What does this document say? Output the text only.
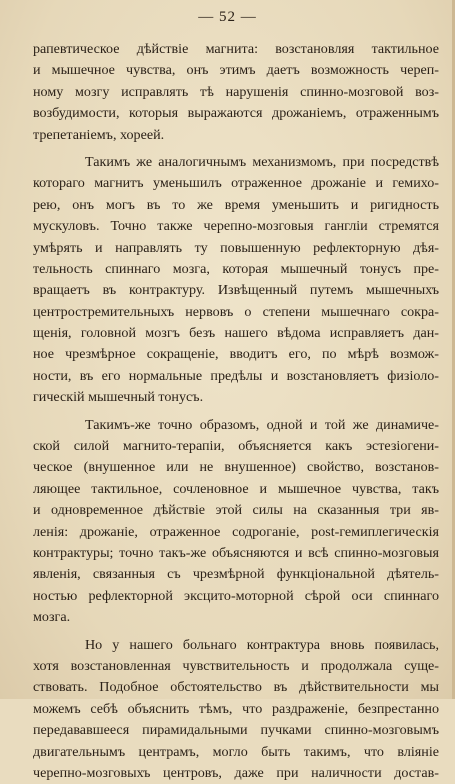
— 52 —
рапевтическое дѣйствіе магнита: возстановляя тактильное
и мышечное чувства, онъ этимъ даетъ возможность череп-
ному мозгу исправлять тѣ нарушенія спинно-мозговой воз-
возбудимости, которыя выражаются дрожаніемъ, отраженнымъ
трепетаніемъ, хореей.
Такимъ же аналогичнымъ механизмомъ, при посредствѣ
котораго магнитъ уменьшилъ отраженное дрожаніе и гемихо-
рею, онъ могъ въ то же время уменьшить и ригидность
мускуловъ. Точно также черепно-мозговыя гангліи стремятся
умѣрять и направлять ту повышенную рефлекторную дѣя-
тельность спиннаго мозга, которая мышечный тонусъ пре-
вращаетъ въ контрактуру. Извѣщенный путемъ мышечныхъ
центростремительныхъ нервовъ о степени мышечнаго сокра-
щенія, головной мозгъ безъ нашего вѣдома исправляетъ дан-
ное чрезмѣрное сокращеніе, вводитъ его, по мѣрѣ возмож-
ности, въ его нормальные предѣлы и возстановляетъ физіоло-
гическій мышечный тонусъ.
Такимъ-же точно образомъ, одной и той же динамиче-
ской силой магнито-терапіи, объясняется какъ эстезіогени-
ческое (внушенное или не внушенное) свойство, возстанов-
ляющее тактильное, сочленовное и мышечное чувства, такъ
и одновременное дѣйствіе этой силы на сказанныя три яв-
ленія: дрожаніе, отраженное содроганіе, post-гемиплегическія
контрактуры; точно такъ-же объясняются и всѣ спинно-мозговыя
явленія, связанныя съ чрезмѣрной функціональной дѣятель-
ностью рефлекторной эксцито-моторной сѣрой оси спиннаго
мозга.
Но у нашего больнаго контрактура вновь появилась,
хотя возстановленная чувствительность и продолжала суще-
ствовать. Подобное обстоятельство въ дѣйствительности мы
можемъ себѣ объяснить тѣмъ, что раздраженіе, безпрестанно
передававшееся пирамидальными пучками спинно-мозговымъ
двигательнымъ центрамъ, могло быть такимъ, что вліяніе
черепно-мозговыхъ центровъ, даже при наличности достав-
